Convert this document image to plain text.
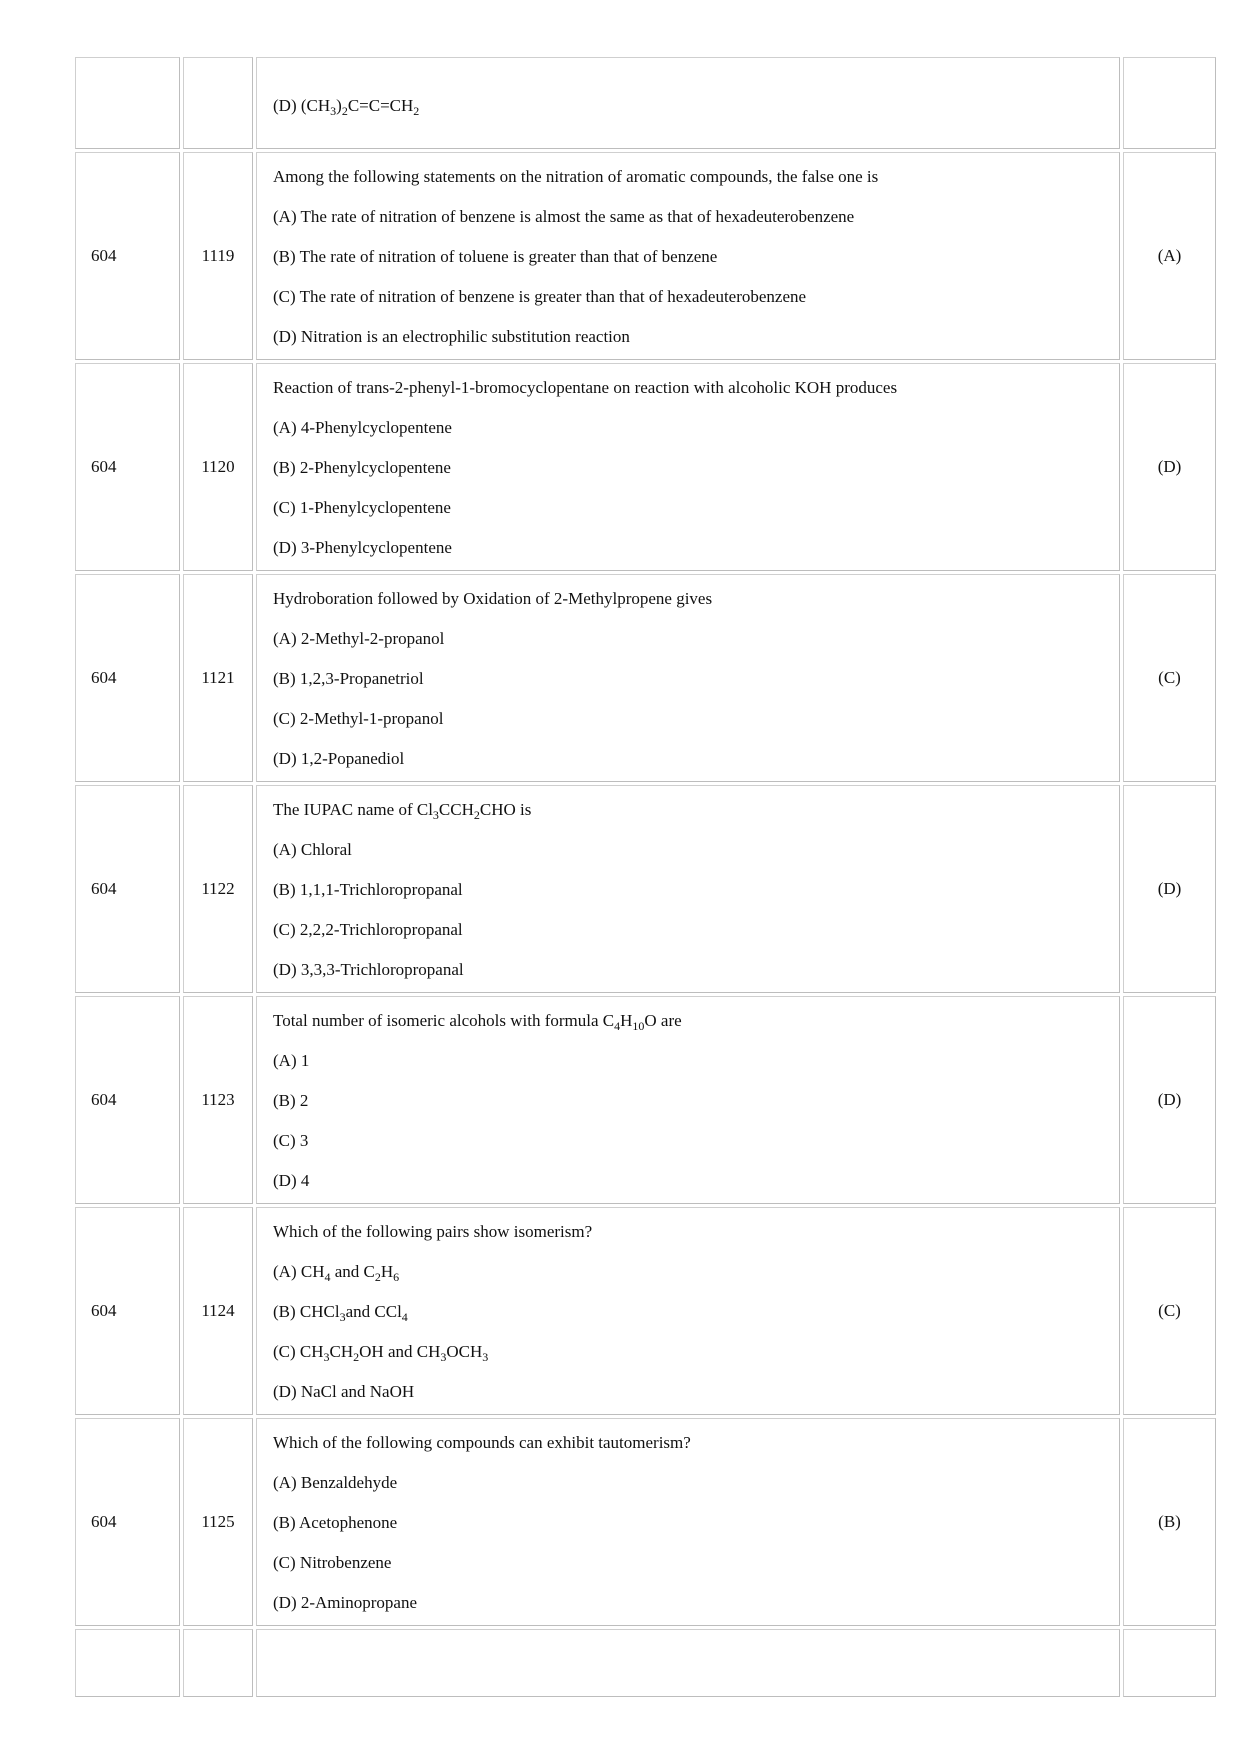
		(D) $(CH_3)_2C=C=CH_2$

604	1119	Among the following statements on the nitration of aromatic compounds, the false one is
(A) The rate of nitration of benzene is almost the same as that of hexadeuterobenzene
(B) The rate of nitration of toluene is greater than that of benzene
(C) The rate of nitration of benzene is greater than that of hexadeuterobenzene
(D) Nitration is an electrophilic substitution reaction	(A)
604	1120	Reaction of trans-2-phenyl-1-bromocyclopentane on reaction with alcoholic KOH produces
(A) 4-Phenylcyclopentene
(B) 2-Phenylcyclopentene
(C) 1-Phenylcyclopentene
(D) 3-Phenylcyclopentene	(D)
604	1121	Hydroboration followed by Oxidation of 2-Methylpropene gives
(A) 2-Methyl-2-propanol
(B) 1,2,3-Propanetriol
(C) 2-Methyl-1-propanol
(D) 1,2-Popanediol	(C)
604	1122	The IUPAC name of $Cl_3CCH_2CHO$ is
(A) Chloral
(B) 1,1,1-Trichloropropanal
(C) 2,2,2-Trichloropropanal
(D) 3,3,3-Trichloropropanal	(D)
604	1123	Total number of isomeric alcohols with formula $C_4H_{10}O$ are
(A) 1
(B) 2
(C) 3
(D) 4	(D)
604	1124	Which of the following pairs show isomerism?
(A) $CH_4$ and $C_2H_6$
(B) CHCl$_3$and CCl$_4$
(C) $CH_3CH_2OH$ and $CH_3OCH_3$
(D) NaCl and NaOH	(C)
604	1125	Which of the following compounds can exhibit tautomerism?
(A) Benzaldehyde
(B) Acetophenone
(C) Nitrobenzene
(D) 2-Aminopropane	(B)
